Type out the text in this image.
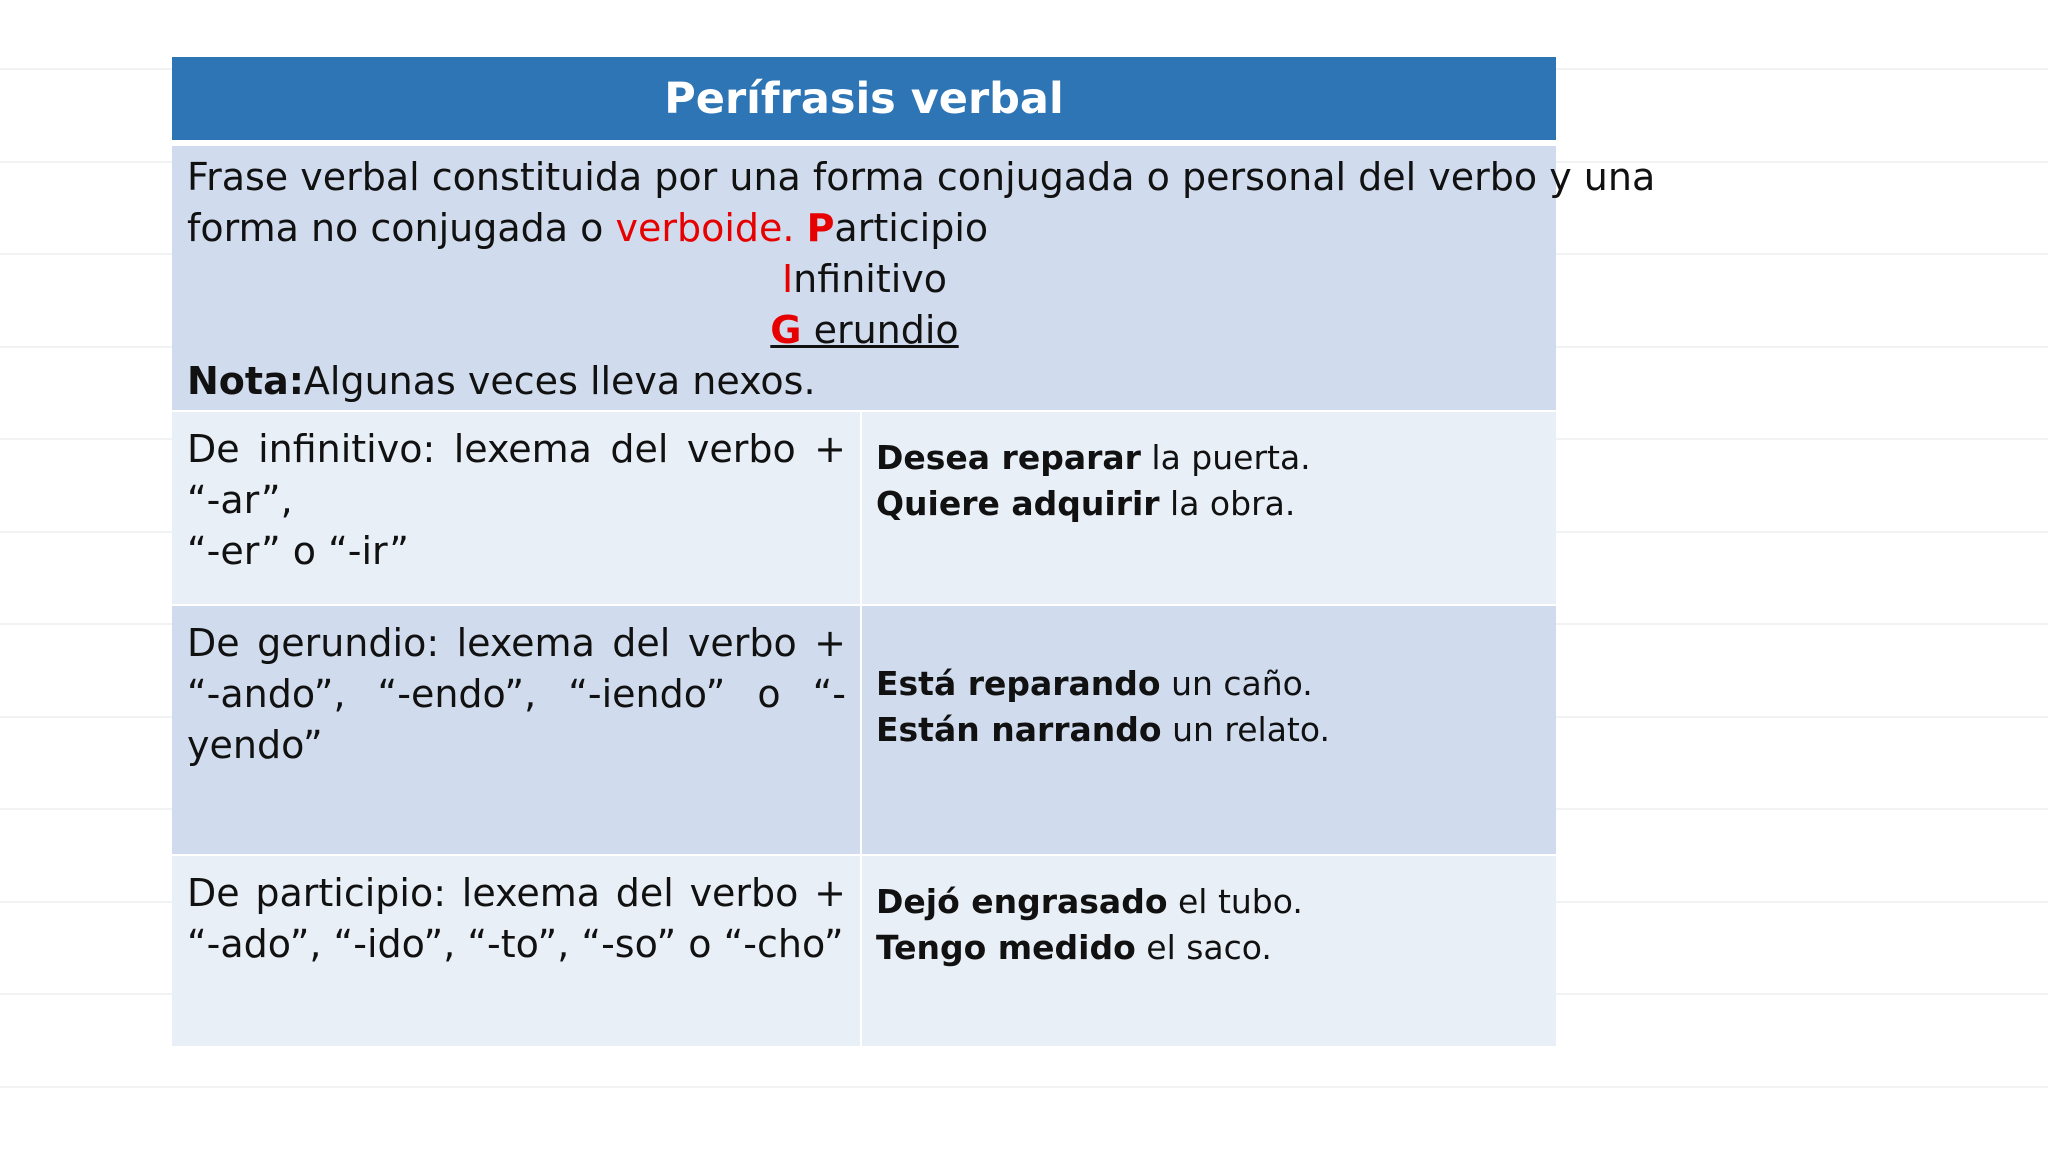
Perífrasis verbal
Frase verbal constituida por una forma conjugada o personal del verbo y una
forma no conjugada o verboide. Participio
Infinitivo
G erundio
Nota:Algunas veces lleva nexos.
De infinitivo: lexema del verbo + “-ar”,
“-er” o “-ir”
Desea reparar la puerta.
Quiere adquirir la obra.
De gerundio: lexema del verbo +
“-ando”, “-endo”, “-iendo” o “-yendo”
Está reparando un caño.
Están narrando un relato.
De participio: lexema del verbo +
“-ado”, “-ido”, “-to”, “-so” o “-cho”
Dejó engrasado el tubo.
Tengo medido el saco.
